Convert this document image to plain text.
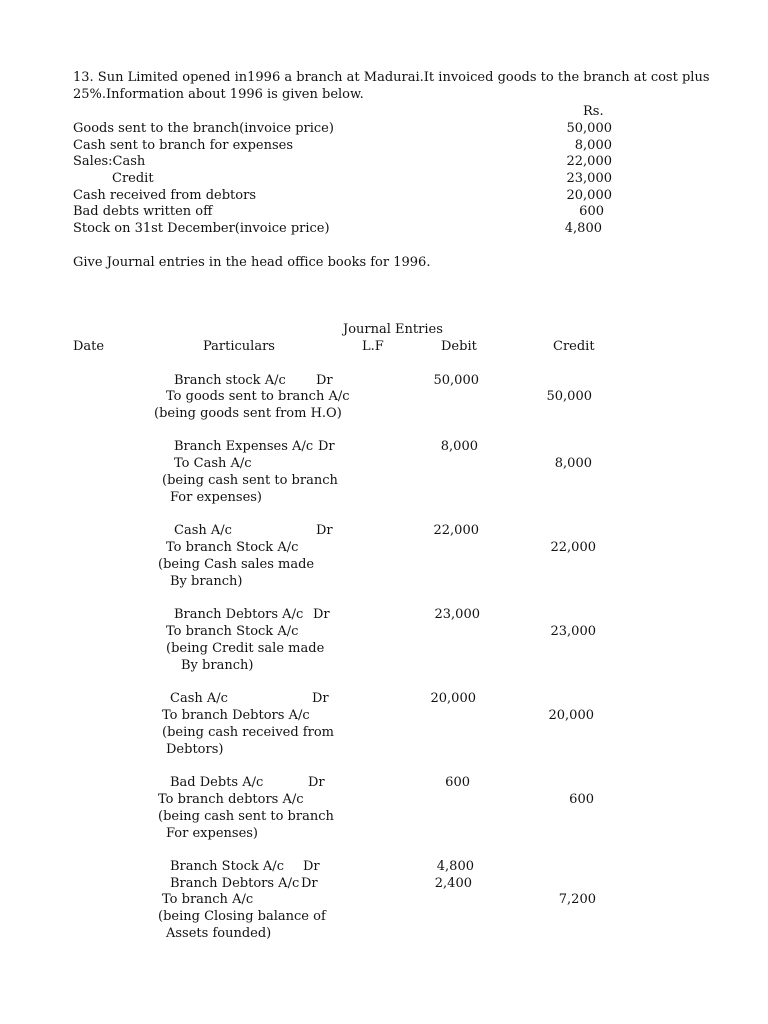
13. Sun Limited opened in1996 a branch at Madurai.It invoiced goods to the branch at cost plus
25%.Information about 1996 is given below.
Rs.
Goods sent to the branch(invoice price)	50,000
Cash sent to branch for expenses	8,000
Sales:Cash	22,000
Credit	23,000
Cash received from debtors	20,000
Bad debts written off	600
Stock on 31st December(invoice price)	4,800
Give Journal entries in the head office books for 1996.
Journal Entries
Date	Particulars	L.F	Debit	Credit
Branch stock A/c Dr	50,000
To goods sent to branch A/c	50,000
(being goods sent from H.O)
Branch Expenses A/c Dr	8,000
To Cash A/c	8,000
(being cash sent to branch
For expenses)
Cash A/c	Dr	22,000
To branch Stock A/c	22,000
(being Cash sales made
By branch)
Branch Debtors A/c Dr	23,000
To branch Stock A/c	23,000
(being Credit sale made
By branch)
Cash A/c	Dr	20,000
To branch Debtors A/c	20,000
(being cash received from
Debtors)
Bad Debts A/c	Dr	600
To branch debtors A/c	600
(being cash sent to branch
For expenses)
Branch Stock A/c Dr	4,800
Branch Debtors A/c Dr	2,400
To branch A/c	7,200
(being Closing balance of
Assets founded)
